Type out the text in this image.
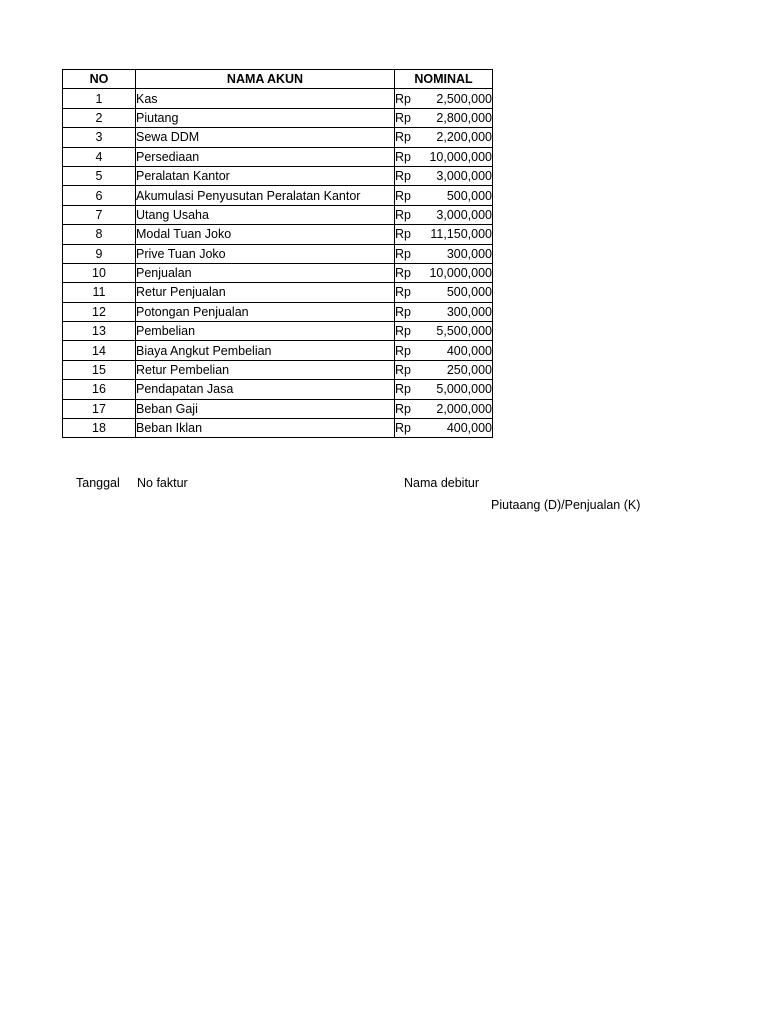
NO	NAMA AKUN	NOMINAL
1	Kas	Rp 2,500,000

2	Piutang	Rp 2,800,000

3	Sewa DDM	Rp 2,200,000

4	Persediaan	Rp 10,000,000

5	Peralatan Kantor	Rp 3,000,000

6	Akumulasi Penyusutan Peralatan Kantor	Rp 500,000

7	Utang Usaha	Rp 3,000,000

8	Modal Tuan Joko	Rp 11,150,000

9	Prive Tuan Joko	Rp 300,000

10	Penjualan	Rp 10,000,000

11	Retur Penjualan	Rp 500,000

12	Potongan Penjualan	Rp 300,000

13	Pembelian	Rp 5,500,000

14	Biaya Angkut Pembelian	Rp 400,000

15	Retur Pembelian	Rp 250,000

16	Pendapatan Jasa	Rp 5,000,000

17	Beban Gaji	Rp 2,000,000

18	Beban Iklan	Rp 400,000
Tanggal No faktur	Nama debitur
Piutaang (D)/Penjualan (K)
